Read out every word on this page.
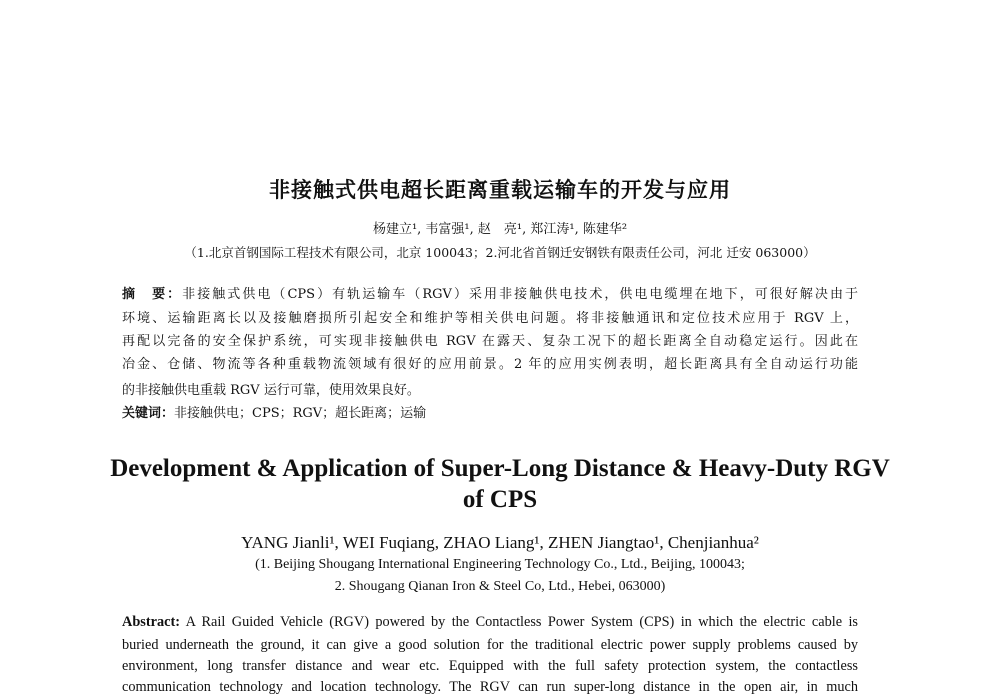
非接触式供电超长距离重载运输车的开发与应用
杨建立¹, 韦富强¹, 赵　亮¹, 郑江涛¹, 陈建华²
（1.北京首钢国际工程技术有限公司，北京 100043；2.河北省首钢迁安钢铁有限责任公司，河北 迁安 063000）
摘　要：非接触式供电（CPS）有轨运输车（RGV）采用非接触供电技术，供电电缆埋在地下，可很好解决由于
环境、运输距离长以及接触磨损所引起安全和维护等相关供电问题。将非接触通讯和定位技术应用于 RGV 上，
再配以完备的安全保护系统，可实现非接触供电 RGV 在露天、复杂工况下的超长距离全自动稳定运行。因此在
冶金、仓储、物流等各种重载物流领域有很好的应用前景。2 年的应用实例表明，超长距离具有全自动运行功能
的非接触供电重载 RGV 运行可靠，使用效果良好。
关键词：非接触供电；CPS；RGV；超长距离；运输
Development & Application of Super-Long Distance & Heavy-Duty RGV
of CPS
YANG Jianli¹, WEI Fuqiang, ZHAO Liang¹, ZHEN Jiangtao¹, Chenjianhua²
(1. Beijing Shougang International Engineering Technology Co., Ltd., Beijing, 100043;
2. Shougang Qianan Iron & Steel Co, Ltd., Hebei, 063000)
Abstract: A Rail Guided Vehicle (RGV) powered by the Contactless Power System (CPS) in which the electric cable is
buried underneath the ground, it can give a good solution for the traditional electric power supply problems caused by
environment, long transfer distance and wear etc. Equipped with the full safety protection system, the contactless
communication technology and location technology. The RGV can run super-long distance in the open air, in much
